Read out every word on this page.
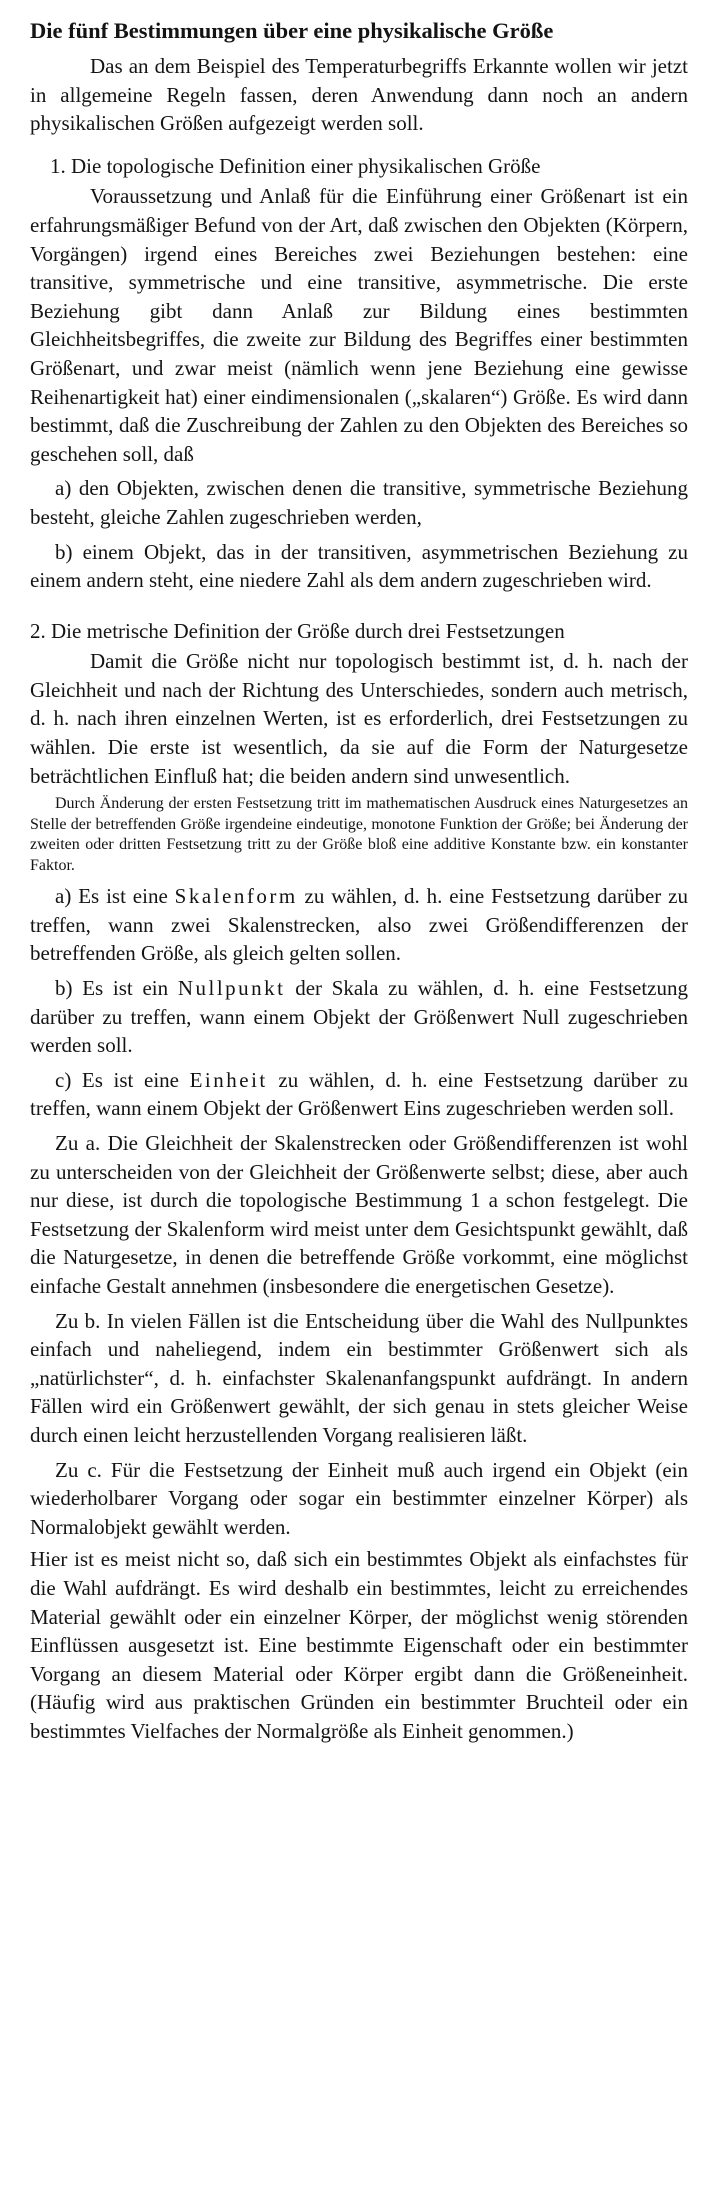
Die fünf Bestimmungen über eine physikalische Größe

Das an dem Beispiel des Temperaturbegriffs Erkannte wollen wir jetzt in allgemeine Regeln fassen, deren Anwendung dann noch an andern physikalischen Größen aufgezeigt werden soll.

1. Die topologische Definition einer physikalischen Größe

Voraussetzung und Anlaß für die Einführung einer Größenart ist ein erfahrungsmäßiger Befund von der Art, daß zwischen den Objekten (Körpern, Vorgängen) irgend eines Bereiches zwei Beziehungen bestehen: eine transitive, symmetrische und eine transitive, asymmetrische. Die erste Beziehung gibt dann Anlaß zur Bildung eines bestimmten Gleichheitsbegriffes, die zweite zur Bildung des Begriffes einer bestimmten Größenart, und zwar meist (nämlich wenn jene Beziehung eine gewisse Reihenartigkeit hat) einer eindimensionalen („skalaren“) Größe. Es wird dann bestimmt, daß die Zuschreibung der Zahlen zu den Objekten des Bereiches so geschehen soll, daß

a) den Objekten, zwischen denen die transitive, symmetrische Beziehung besteht, gleiche Zahlen zugeschrieben werden,

b) einem Objekt, das in der transitiven, asymmetrischen Beziehung zu einem andern steht, eine niedere Zahl als dem andern zugeschrieben wird.

2. Die metrische Definition der Größe durch drei Festsetzungen

Damit die Größe nicht nur topologisch bestimmt ist, d. h. nach der Gleichheit und nach der Richtung des Unterschiedes, sondern auch metrisch, d. h. nach ihren einzelnen Werten, ist es erforderlich, drei Festsetzungen zu wählen. Die erste ist wesentlich, da sie auf die Form der Naturgesetze beträchtlichen Einfluß hat; die beiden andern sind unwesentlich.

Durch Änderung der ersten Festsetzung tritt im mathematischen Ausdruck eines Naturgesetzes an Stelle der betreffenden Größe irgendeine eindeutige, monotone Funktion der Größe; bei Änderung der zweiten oder dritten Festsetzung tritt zu der Größe bloß eine additive Konstante bzw. ein konstanter Faktor.

a) Es ist eine Skalenform zu wählen, d. h. eine Festsetzung darüber zu treffen, wann zwei Skalenstrecken, also zwei Größendifferenzen der betreffenden Größe, als gleich gelten sollen.

b) Es ist ein Nullpunkt der Skala zu wählen, d. h. eine Festsetzung darüber zu treffen, wann einem Objekt der Größenwert Null zugeschrieben werden soll.

c) Es ist eine Einheit zu wählen, d. h. eine Festsetzung darüber zu treffen, wann einem Objekt der Größenwert Eins zugeschrieben werden soll.

Zu a. Die Gleichheit der Skalenstrecken oder Größendifferenzen ist wohl zu unterscheiden von der Gleichheit der Größenwerte selbst; diese, aber auch nur diese, ist durch die topologische Bestimmung 1 a schon festgelegt. Die Festsetzung der Skalenform wird meist unter dem Gesichtspunkt gewählt, daß die Naturgesetze, in denen die betreffende Größe vorkommt, eine möglichst einfache Gestalt annehmen (insbesondere die energetischen Gesetze).

Zu b. In vielen Fällen ist die Entscheidung über die Wahl des Nullpunktes einfach und naheliegend, indem ein bestimmter Größenwert sich als „natürlichster“, d. h. einfachster Skalenanfangspunkt aufdrängt. In andern Fällen wird ein Größenwert gewählt, der sich genau in stets gleicher Weise durch einen leicht herzustellenden Vorgang realisieren läßt.

Zu c. Für die Festsetzung der Einheit muß auch irgend ein Objekt (ein wiederholbarer Vorgang oder sogar ein bestimmter einzelner Körper) als Normalobjekt gewählt werden.

Hier ist es meist nicht so, daß sich ein bestimmtes Objekt als einfachstes für die Wahl aufdrängt. Es wird deshalb ein bestimmtes, leicht zu erreichendes Material gewählt oder ein einzelner Körper, der möglichst wenig störenden Einflüssen ausgesetzt ist. Eine bestimmte Eigenschaft oder ein bestimmter Vorgang an diesem Material oder Körper ergibt dann die Größeneinheit. (Häufig wird aus praktischen Gründen ein bestimmter Bruchteil oder ein bestimmtes Vielfaches der Normalgröße als Einheit genommen.)
